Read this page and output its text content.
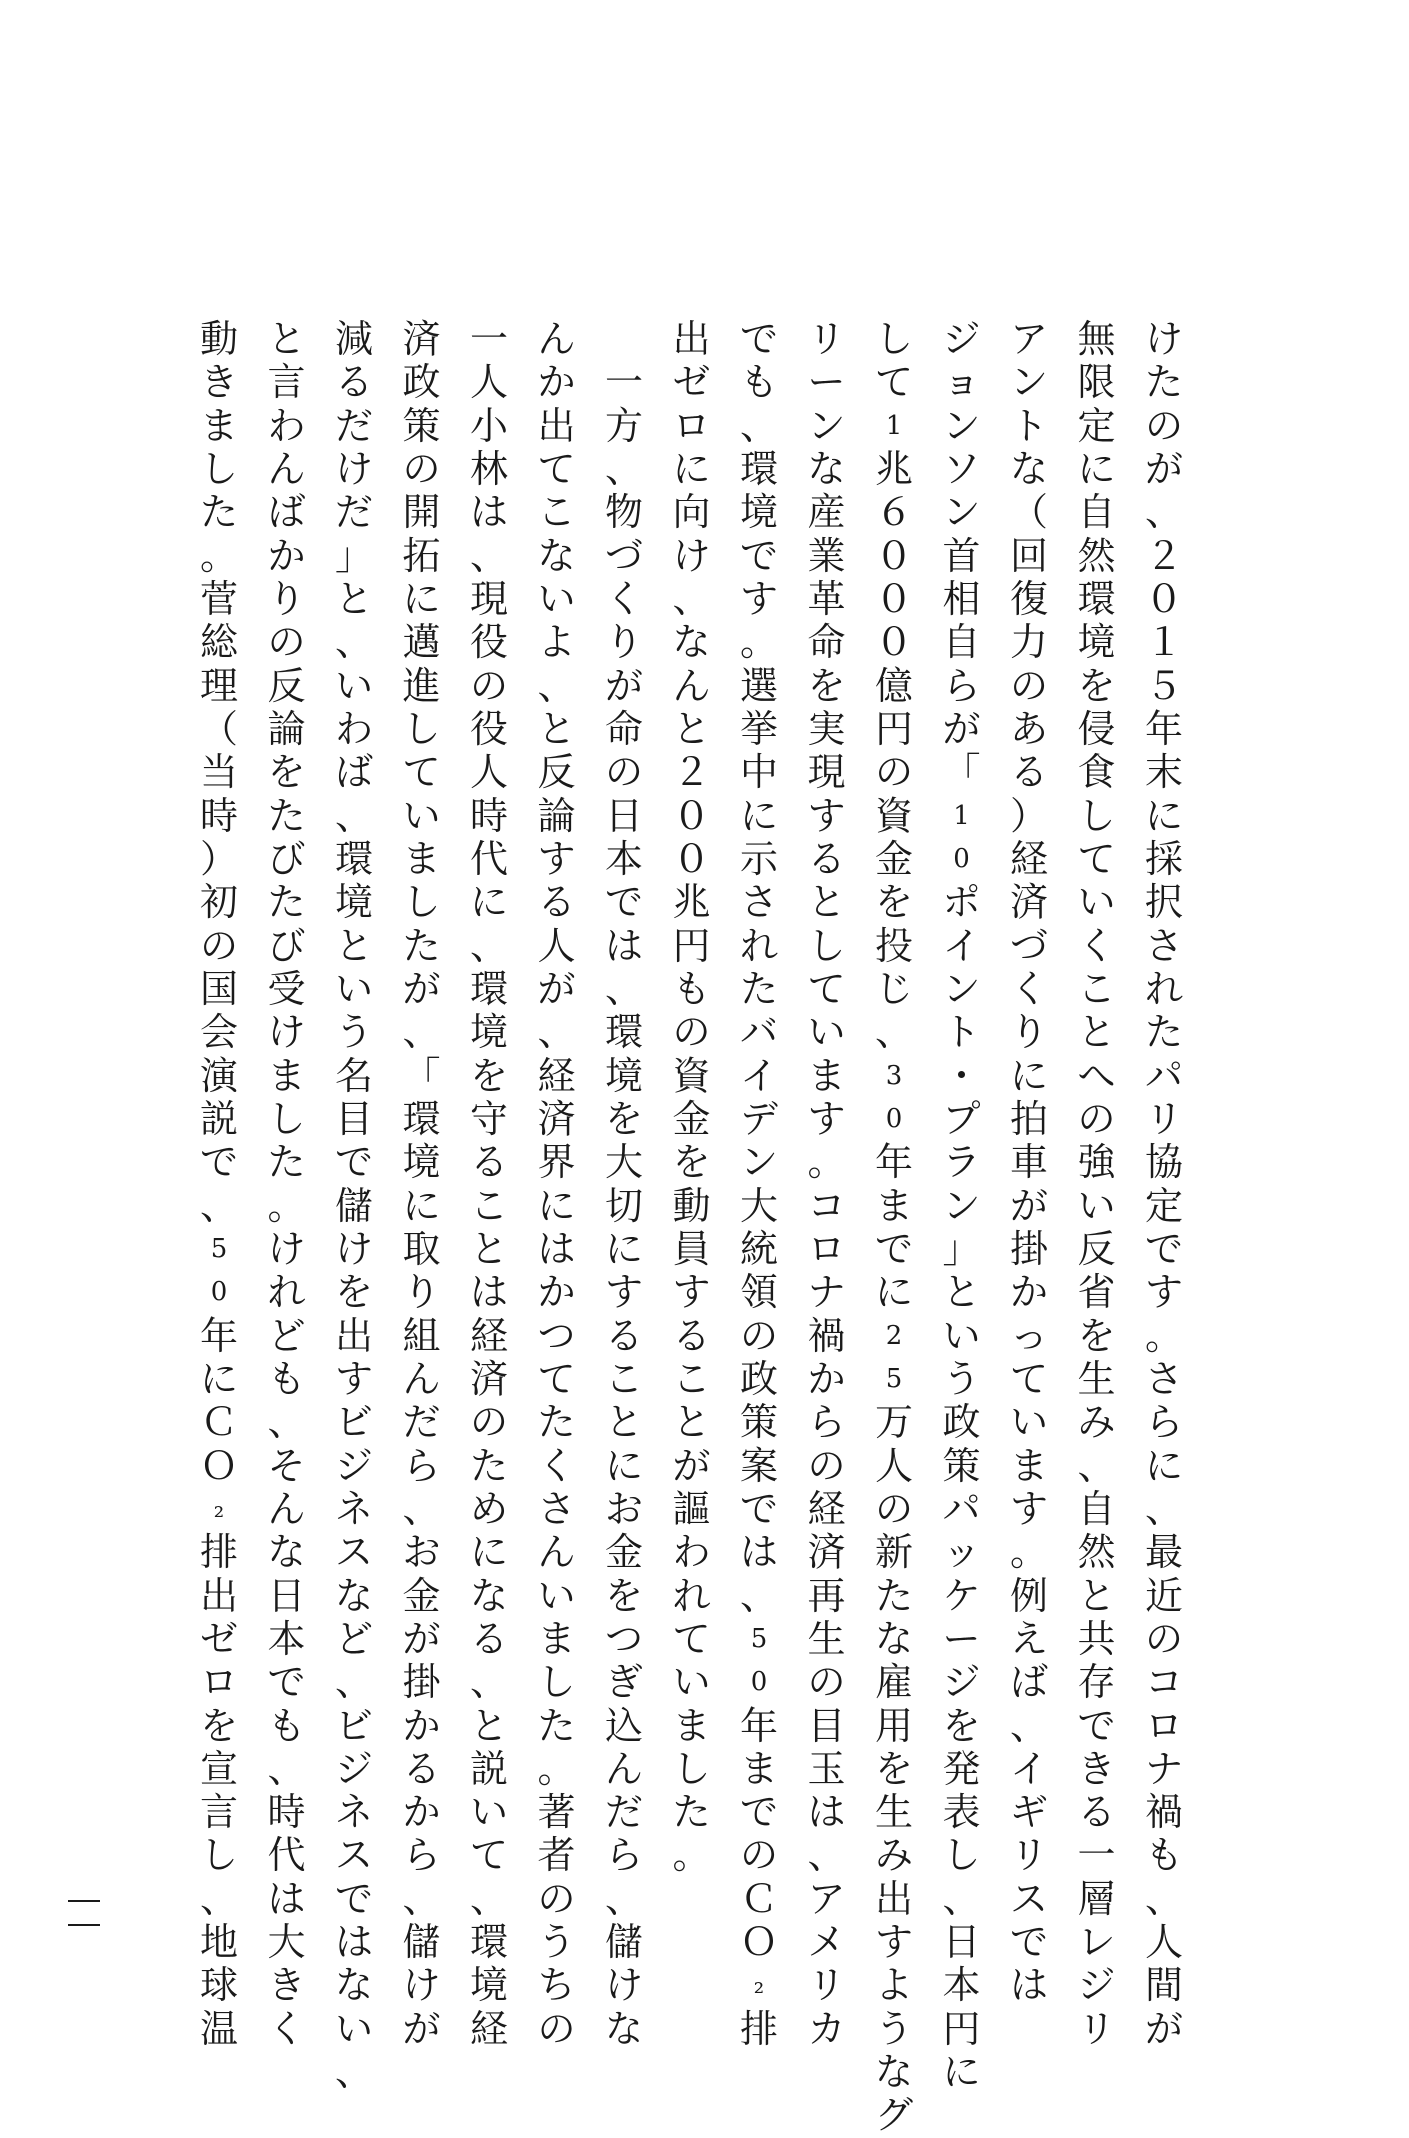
け
た
の
が
、
２
０
１
５
年
末
に
採
択
さ
れ
た
パ
リ
協
定
で
す
。
さ
ら
に
、
最
近
の
コ
ロ
ナ
禍
も
、
人
間
が
無
限
定
に
自
然
環
境
を
侵
食
し
て
い
く
こ
と
へ
の
強
い
反
省
を
生
み
、
自
然
と
共
存
で
き
る
一
層
レ
ジ
リ
ア
ン
ト
な
（
回
復
力
の
あ
る
）
経
済
づ
く
り
に
拍
車
が
掛
か
っ
て
い
ま
す
。
例
え
ば
、
イ
ギ
リ
ス
で
は
ジ
ョ
ン
ソ
ン
首
相
自
ら
が
「
1
0
ポ
イ
ン
ト
・
プ
ラ
ン
」
と
い
う
政
策
パ
ッ
ケ
ー
ジ
を
発
表
し
、
日
本
円
に
し
て
1
兆
６
０
０
０
億
円
の
資
金
を
投
じ
、
3
0
年
ま
で
に
2
5
万
人
の
新
た
な
雇
用
を
生
み
出
す
よ
う
な
グ
リ
ー
ン
な
産
業
革
命
を
実
現
す
る
と
し
て
い
ま
す
。
コ
ロ
ナ
禍
か
ら
の
経
済
再
生
の
目
玉
は
、
ア
メ
リ
カ
で
も
、
環
境
で
す
。
選
挙
中
に
示
さ
れ
た
バ
イ
デ
ン
大
統
領
の
政
策
案
で
は
、
5
0
年
ま
で
の
Ｃ
Ｏ
₂
排
出
ゼ
ロ
に
向
け
、
な
ん
と
２
０
０
兆
円
も
の
資
金
を
動
員
す
る
こ
と
が
謳
わ
れ
て
い
ま
し
た
。

一
方
、
物
づ
く
り
が
命
の
日
本
で
は
、
環
境
を
大
切
に
す
る
こ
と
に
お
金
を
つ
ぎ
込
ん
だ
ら
、
儲
け
な
ん
か
出
て
こ
な
い
よ
、
と
反
論
す
る
人
が
、
経
済
界
に
は
か
つ
て
た
く
さ
ん
い
ま
し
た
。
著
者
の
う
ち
の
一
人
小
林
は
、
現
役
の
役
人
時
代
に
、
環
境
を
守
る
こ
と
は
経
済
の
た
め
に
な
る
、
と
説
い
て
、
環
境
経
済
政
策
の
開
拓
に
邁
進
し
て
い
ま
し
た
が
、
「
環
境
に
取
り
組
ん
だ
ら
、
お
金
が
掛
か
る
か
ら
、
儲
け
が
減
る
だ
け
だ
」
と
、
い
わ
ば
、
環
境
と
い
う
名
目
で
儲
け
を
出
す
ビ
ジ
ネ
ス
な
ど
、
ビ
ジ
ネ
ス
で
は
な
い
、
と
言
わ
ん
ば
か
り
の
反
論
を
た
び
た
び
受
け
ま
し
た
。
け
れ
ど
も
、
そ
ん
な
日
本
で
も
、
時
代
は
大
き
く
動
き
ま
し
た
。
菅
総
理
（
当
時
）
初
の
国
会
演
説
で
、
5
0
年
に
Ｃ
Ｏ
₂
排
出
ゼ
ロ
を
宣
言
し
、
地
球
温
